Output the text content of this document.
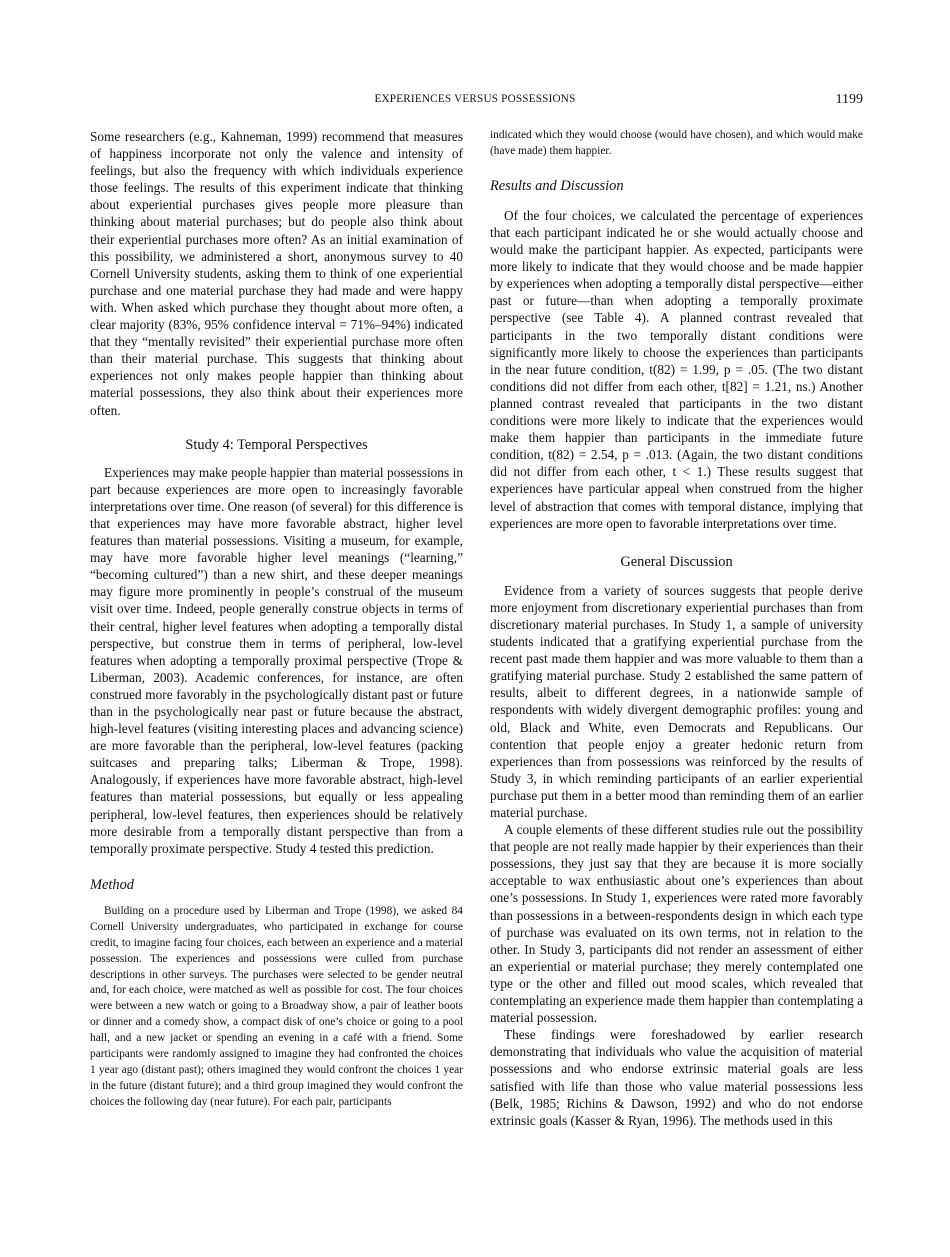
EXPERIENCES VERSUS POSSESSIONS	1199

Some researchers (e.g., Kahneman, 1999) recommend that measures of happiness incorporate not only the valence and intensity of feelings, but also the frequency with which individuals experience those feelings. The results of this experiment indicate that thinking about experiential purchases gives people more pleasure than thinking about material purchases; but do people also think about their experiential purchases more often? As an initial examination of this possibility, we administered a short, anonymous survey to 40 Cornell University students, asking them to think of one experiential purchase and one material purchase they had made and were happy with. When asked which purchase they thought about more often, a clear majority (83%, 95% confidence interval = 71%–94%) indicated that they “mentally revisited” their experiential purchase more often than their material purchase. This suggests that thinking about experiences not only makes people happier than thinking about material possessions, they also think about their experiences more often.

Study 4: Temporal Perspectives

Experiences may make people happier than material possessions in part because experiences are more open to increasingly favorable interpretations over time. One reason (of several) for this difference is that experiences may have more favorable abstract, higher level features than material possessions. Visiting a museum, for example, may have more favorable higher level meanings (“learning,” “becoming cultured”) than a new shirt, and these deeper meanings may figure more prominently in people’s construal of the museum visit over time. Indeed, people generally construe objects in terms of their central, higher level features when adopting a temporally distal perspective, but construe them in terms of peripheral, low-level features when adopting a temporally proximal perspective (Trope & Liberman, 2003). Academic conferences, for instance, are often construed more favorably in the psychologically distant past or future than in the psychologically near past or future because the abstract, high-level features (visiting interesting places and advancing science) are more favorable than the peripheral, low-level features (packing suitcases and preparing talks; Liberman & Trope, 1998). Analogously, if experiences have more favorable abstract, high-level features than material possessions, but equally or less appealing peripheral, low-level features, then experiences should be relatively more desirable from a temporally distant perspective than from a temporally proximate perspective. Study 4 tested this prediction.

Method

Building on a procedure used by Liberman and Trope (1998), we asked 84 Cornell University undergraduates, who participated in exchange for course credit, to imagine facing four choices, each between an experience and a material possession. The experiences and possessions were culled from purchase descriptions in other surveys. The purchases were selected to be gender neutral and, for each choice, were matched as well as possible for cost. The four choices were between a new watch or going to a Broadway show, a pair of leather boots or dinner and a comedy show, a compact disk of one’s choice or going to a pool hall, and a new jacket or spending an evening in a café with a friend. Some participants were randomly assigned to imagine they had confronted the choices 1 year ago (distant past); others imagined they would confront the choices 1 year in the future (distant future); and a third group imagined they would confront the choices the following day (near future). For each pair, participants

indicated which they would choose (would have chosen), and which would make (have made) them happier.

Results and Discussion

Of the four choices, we calculated the percentage of experiences that each participant indicated he or she would actually choose and would make the participant happier. As expected, participants were more likely to indicate that they would choose and be made happier by experiences when adopting a temporally distal perspective—either past or future—than when adopting a temporally proximate perspective (see Table 4). A planned contrast revealed that participants in the two temporally distant conditions were significantly more likely to choose the experiences than participants in the near future condition, t(82) = 1.99, p = .05. (The two distant conditions did not differ from each other, t[82] = 1.21, ns.) Another planned contrast revealed that participants in the two distant conditions were more likely to indicate that the experiences would make them happier than participants in the immediate future condition, t(82) = 2.54, p = .013. (Again, the two distant conditions did not differ from each other, t < 1.) These results suggest that experiences have particular appeal when construed from the higher level of abstraction that comes with temporal distance, implying that experiences are more open to favorable interpretations over time.

General Discussion

Evidence from a variety of sources suggests that people derive more enjoyment from discretionary experiential purchases than from discretionary material purchases. In Study 1, a sample of university students indicated that a gratifying experiential purchase from the recent past made them happier and was more valuable to them than a gratifying material purchase. Study 2 established the same pattern of results, albeit to different degrees, in a nationwide sample of respondents with widely divergent demographic profiles: young and old, Black and White, even Democrats and Republicans. Our contention that people enjoy a greater hedonic return from experiences than from possessions was reinforced by the results of Study 3, in which reminding participants of an earlier experiential purchase put them in a better mood than reminding them of an earlier material purchase.

A couple elements of these different studies rule out the possibility that people are not really made happier by their experiences than their possessions, they just say that they are because it is more socially acceptable to wax enthusiastic about one’s experiences than about one’s possessions. In Study 1, experiences were rated more favorably than possessions in a between-respondents design in which each type of purchase was evaluated on its own terms, not in relation to the other. In Study 3, participants did not render an assessment of either an experiential or material purchase; they merely contemplated one type or the other and filled out mood scales, which revealed that contemplating an experience made them happier than contemplating a material possession.

These findings were foreshadowed by earlier research demonstrating that individuals who value the acquisition of material possessions and who endorse extrinsic material goals are less satisfied with life than those who value material possessions less (Belk, 1985; Richins & Dawson, 1992) and who do not endorse extrinsic goals (Kasser & Ryan, 1996). The methods used in this
